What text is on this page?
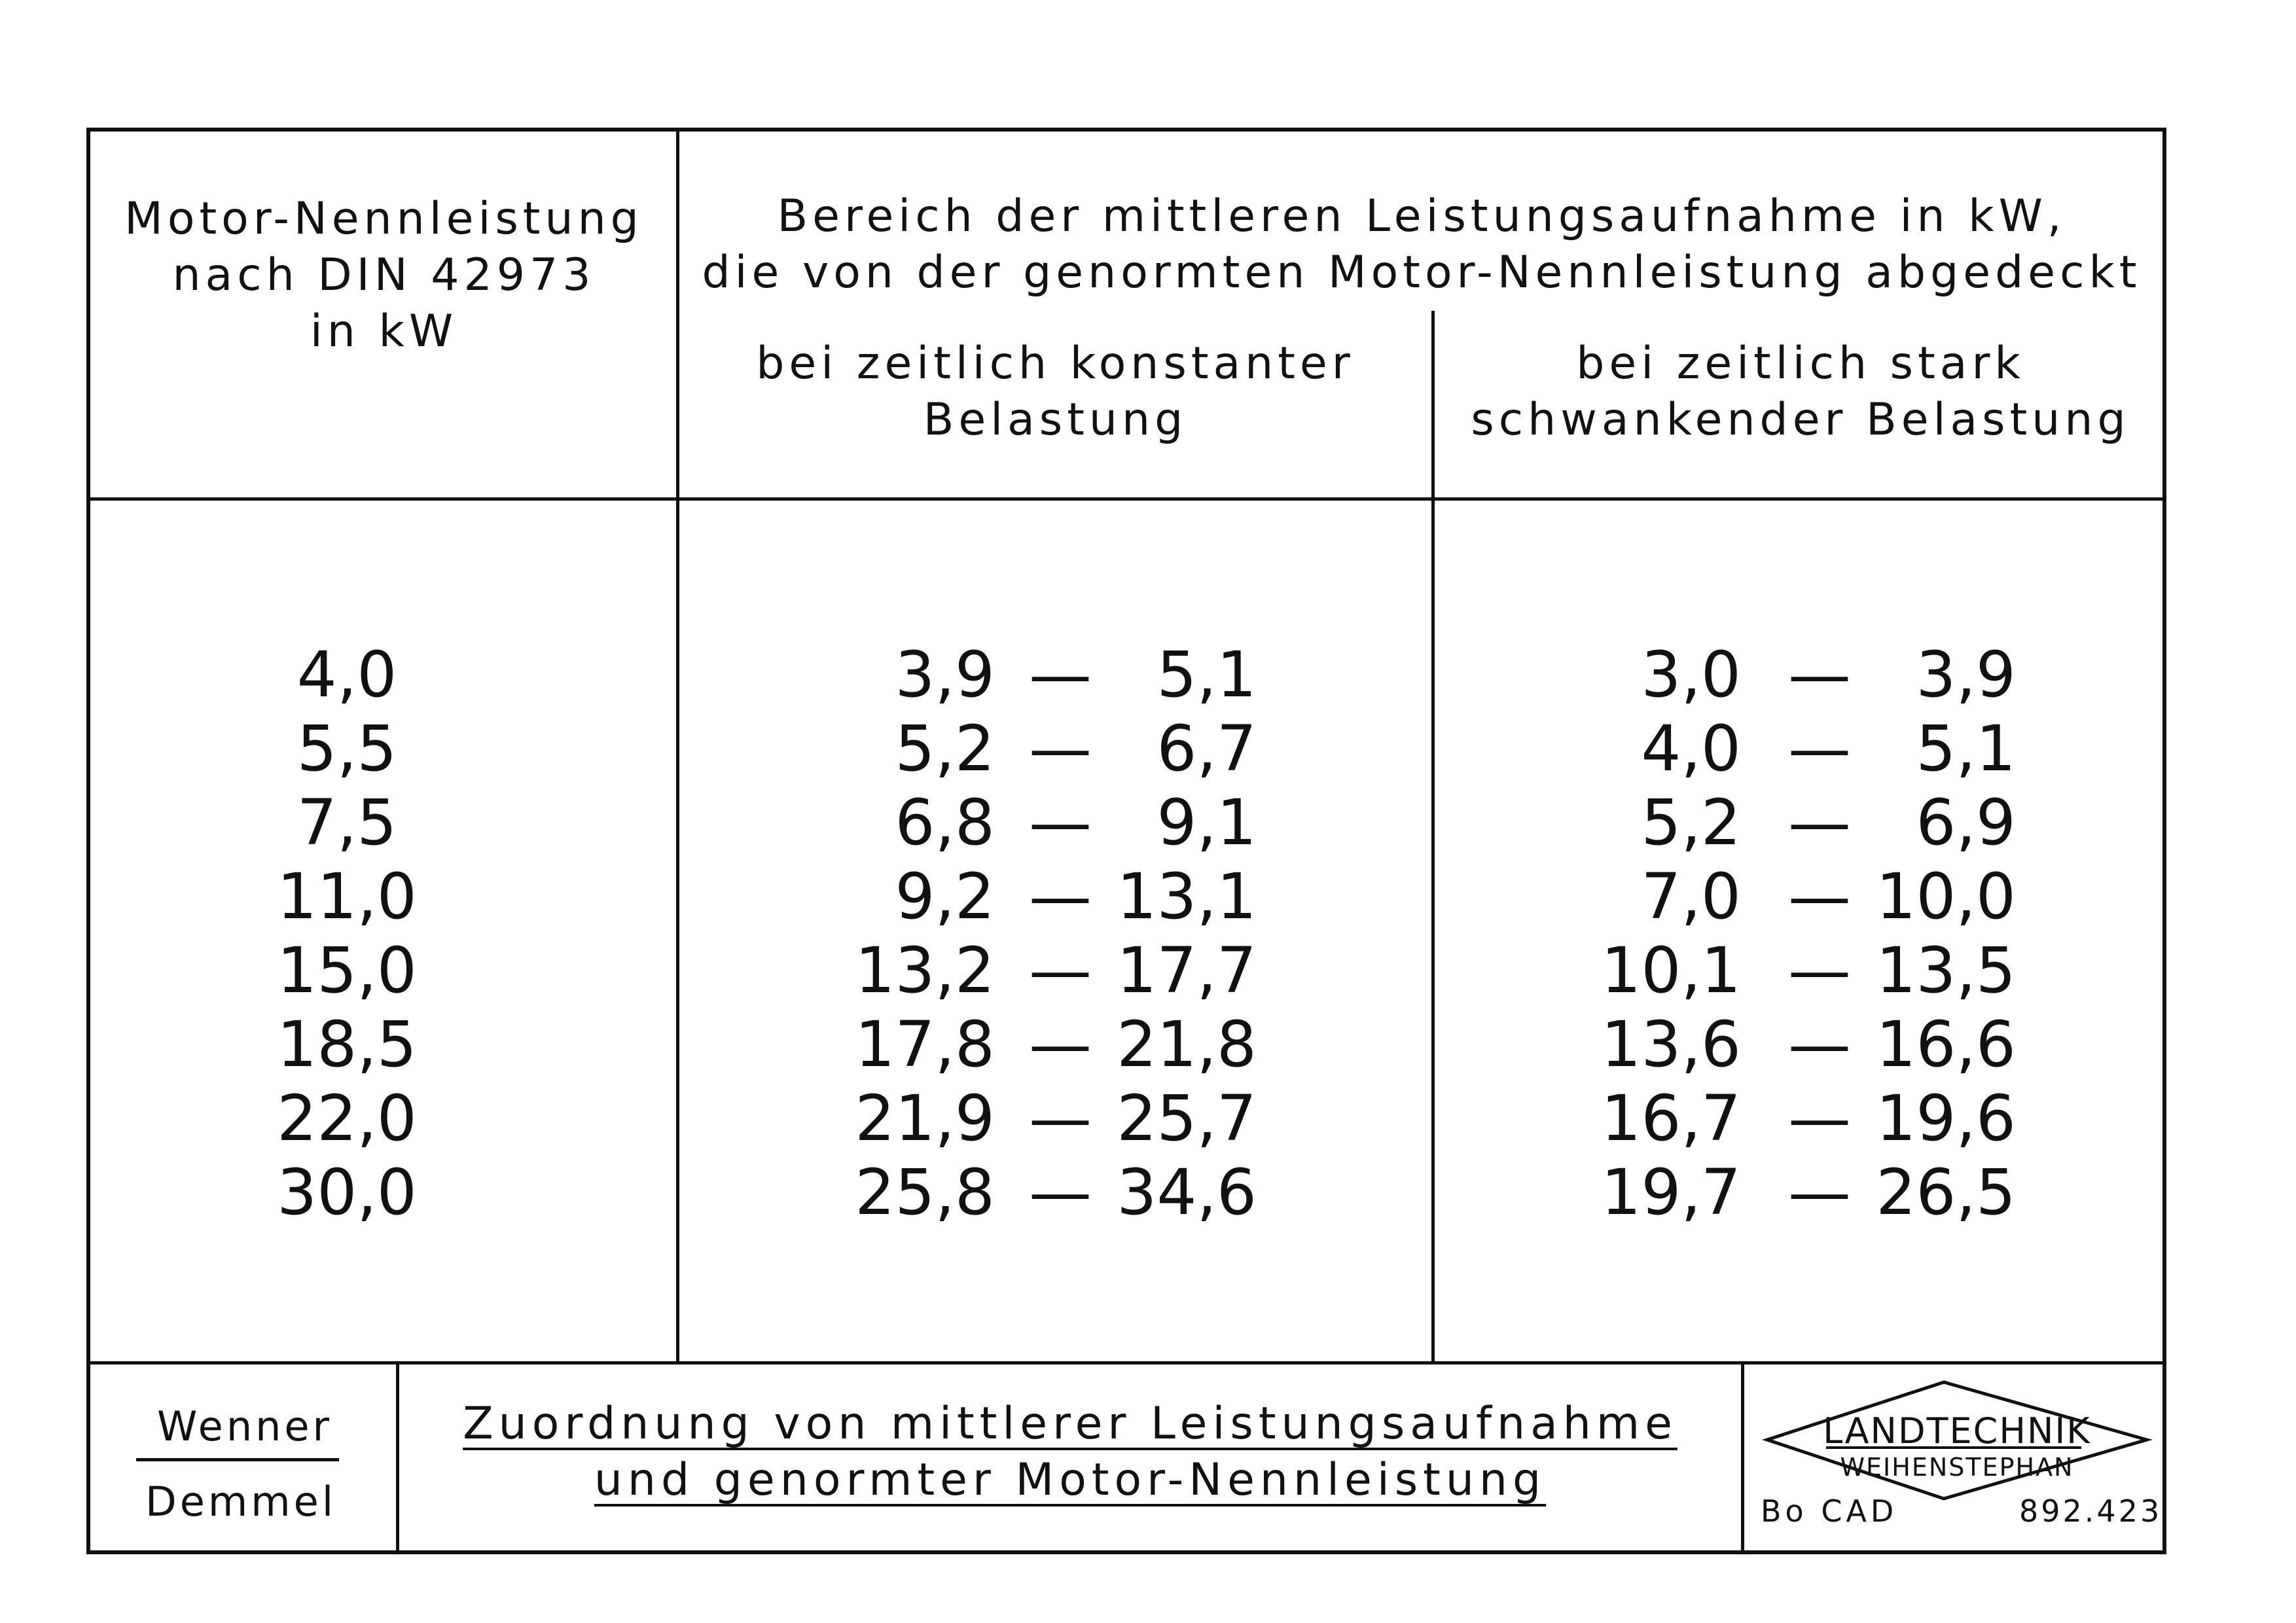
Motor-Nennleistung
nach DIN 42973
in kW
Bereich der mittleren Leistungsaufnahme in kW,
die von der genormten Motor-Nennleistung abgedeckt
bei zeitlich konstanter
Belastung
bei zeitlich stark
schwankender Belastung
4,0	3,9 —	5,1	3,0 —	3,9
5,5	5,2 —	6,7	4,0 —	5,1
7,5	6,8 —	9,1	5,2 —	6,9
11,0	9,2 — 13,1	7,0 — 10,0
15,0	13,2 — 17,7	10,1 — 13,5
18,5	17,8 — 21,8	13,6 — 16,6
22,0	21,9 — 25,7	16,7 — 19,6
30,0	25,8 — 34,6	19,7 — 26,5
Wenner
Demmel
Zuordnung von mittlerer Leistungsaufnahme
und genormter Motor-Nennleistung
LANDTECHNIK
WEIHENSTEPHAN
Bo CAD	892.423
